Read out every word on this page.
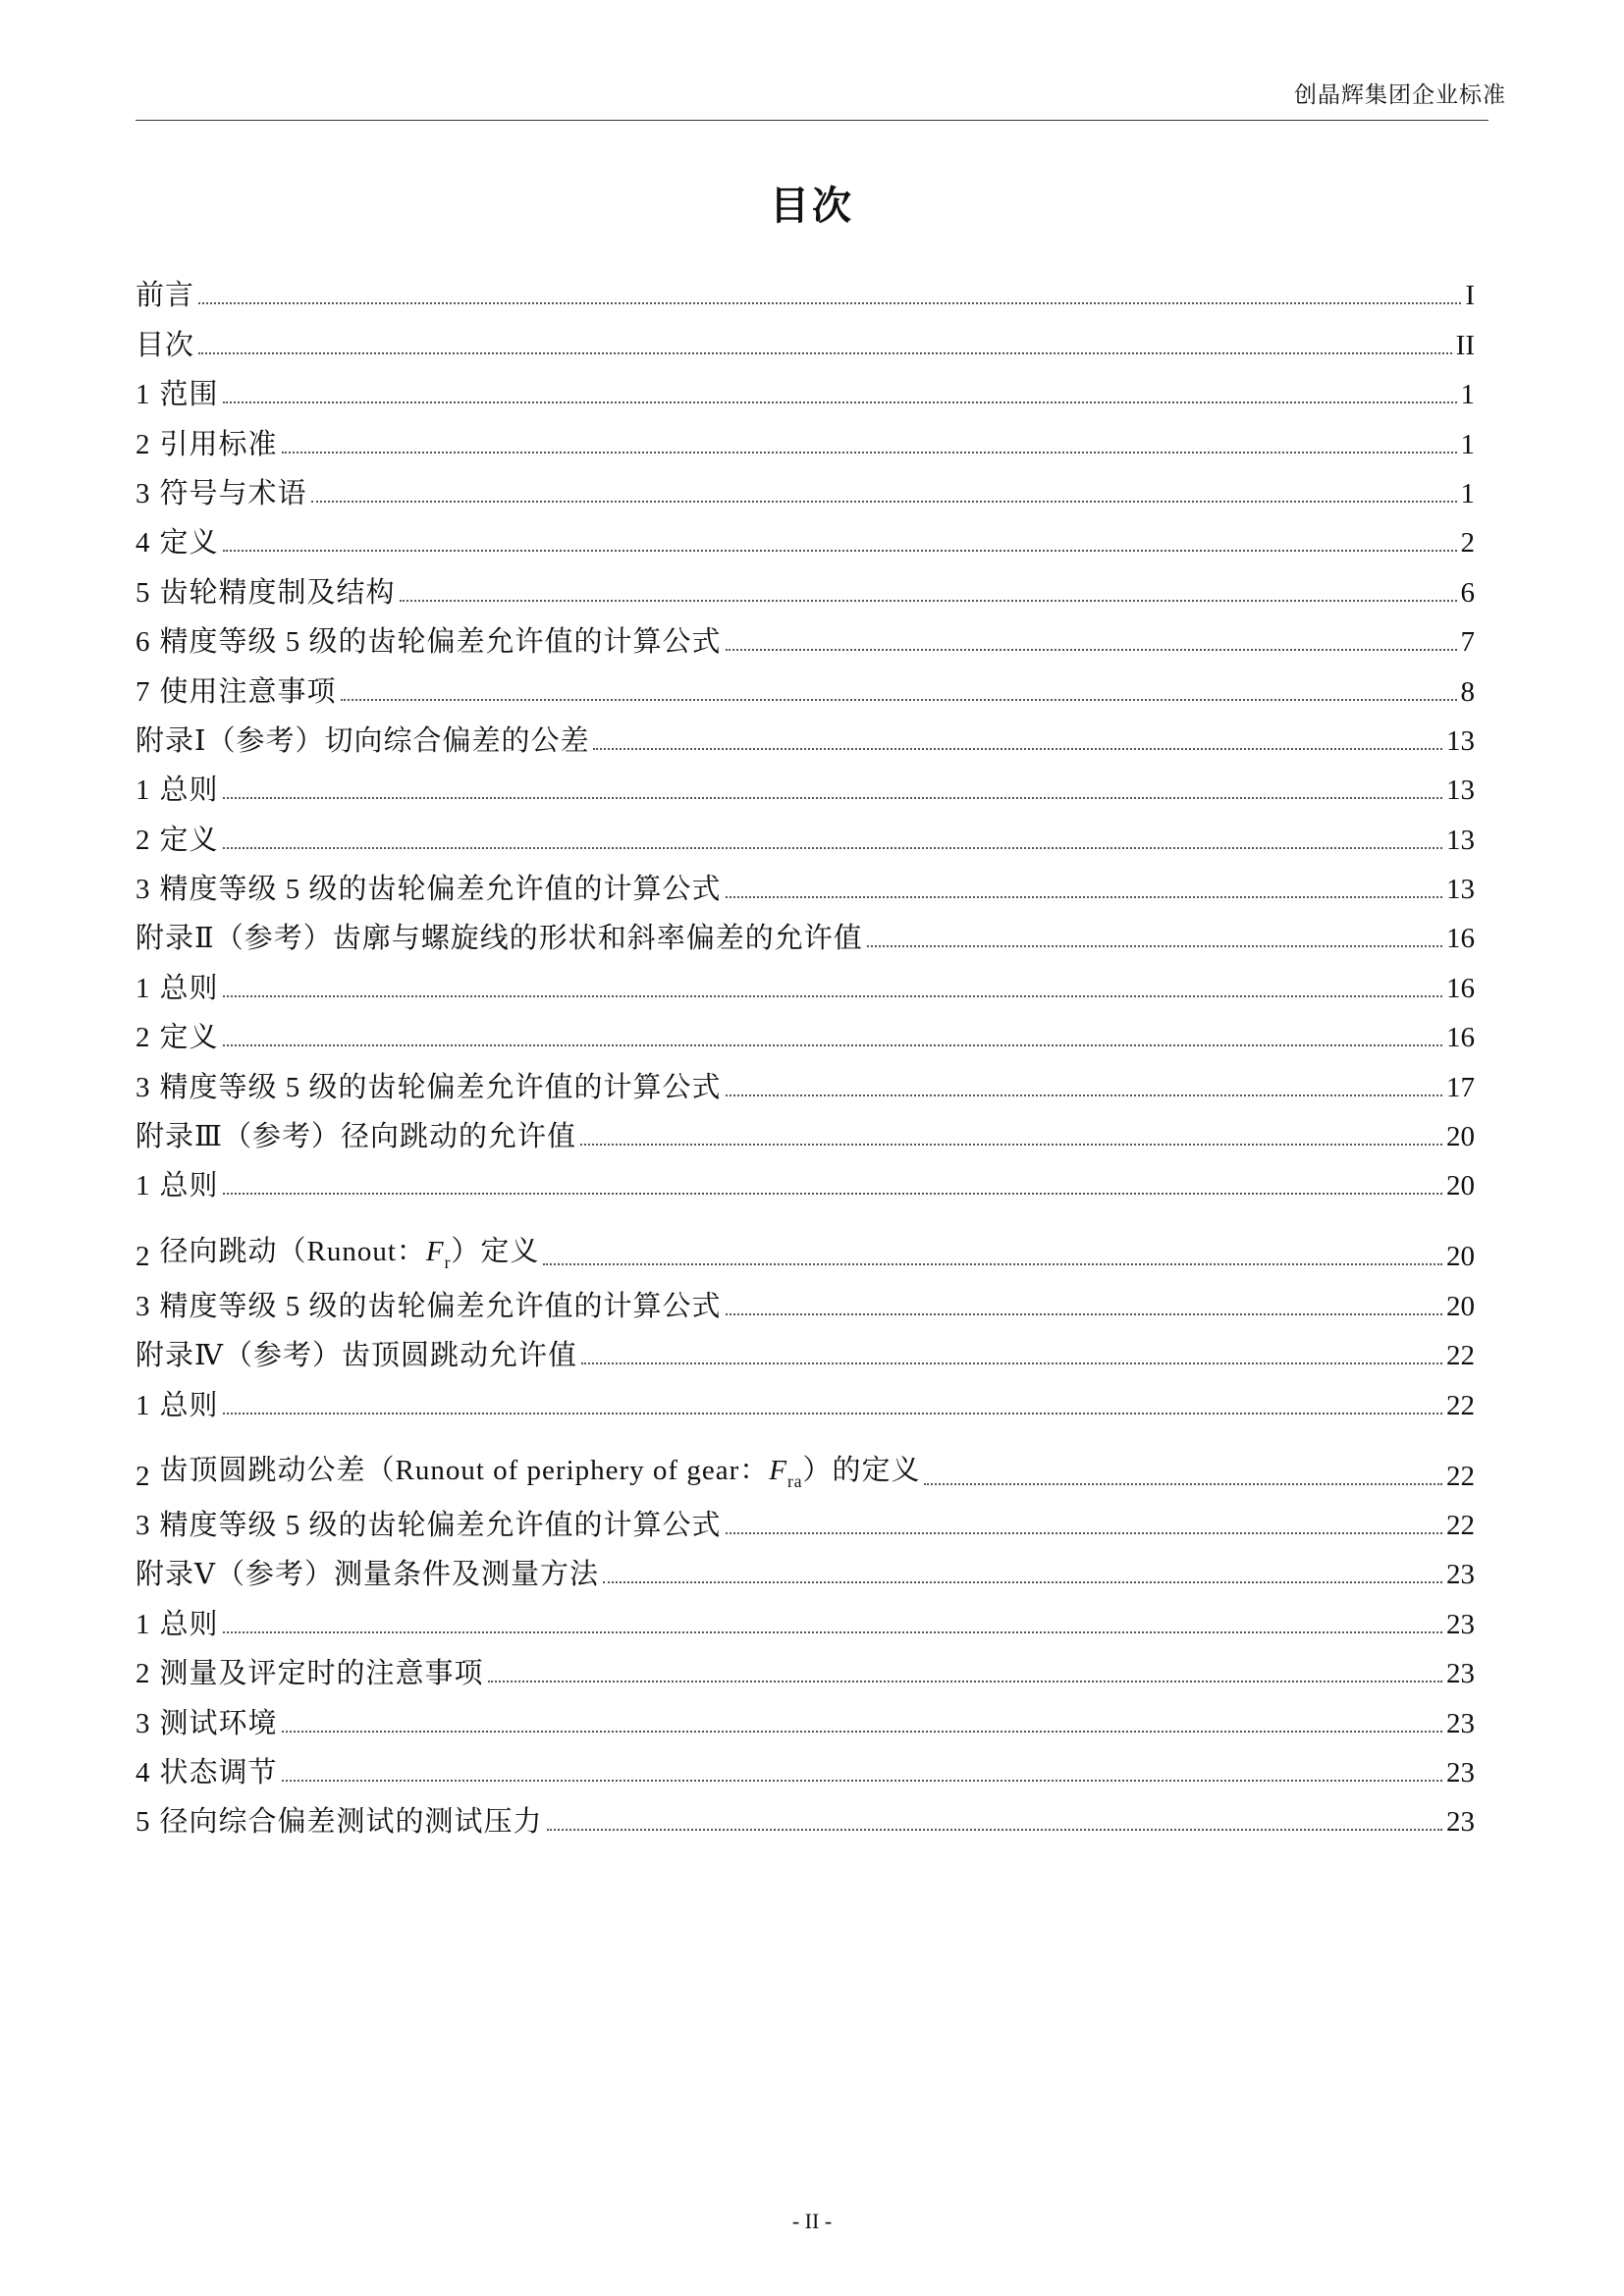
创晶辉集团企业标准
目次
前言	I
目次	II
1 范围	1
2 引用标准	1
3 符号与术语	1
4 定义	2
5 齿轮精度制及结构	6
6 精度等级 5 级的齿轮偏差允许值的计算公式	7
7 使用注意事项	8
附录Ⅰ（参考）切向综合偏差的公差	13
1 总则	13
2 定义	13
3 精度等级 5 级的齿轮偏差允许值的计算公式	13
附录Ⅱ（参考）齿廓与螺旋线的形状和斜率偏差的允许值	16
1 总则	16
2 定义	16
3 精度等级 5 级的齿轮偏差允许值的计算公式	17
附录Ⅲ（参考）径向跳动的允许值	20
1 总则	20
2 径向跳动（Runout：$F_r$）定义	20
3 精度等级 5 级的齿轮偏差允许值的计算公式	20
附录Ⅳ（参考）齿顶圆跳动允许值	22
1 总则	22
2 齿顶圆跳动公差（Runout of periphery of gear：$F_{ra}$）的定义	22
3 精度等级 5 级的齿轮偏差允许值的计算公式	22
附录Ⅴ（参考）测量条件及测量方法	23
1 总则	23
2 测量及评定时的注意事项	23
3 测试环境	23
4 状态调节	23
5 径向综合偏差测试的测试压力	23
- II -
